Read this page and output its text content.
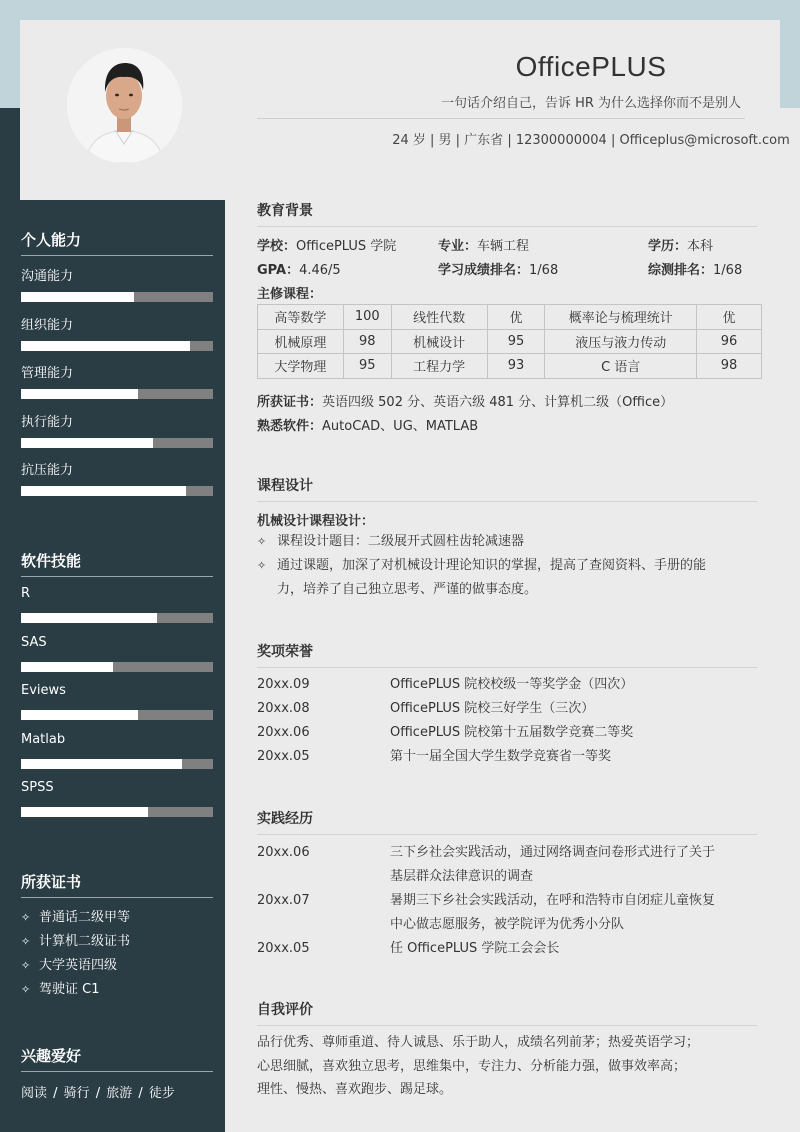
OfficePLUS
一句话介绍自己，告诉 HR 为什么选择你而不是别人
24 岁 | 男 | 广东省 | 12300000004 | Officeplus@microsoft.com
个人能力
沟通能力
组织能力
管理能力
执行能力
抗压能力
软件技能
R
SAS
Eviews
Matlab
SPSS
所获证书
✧ 普通话二级甲等
✧ 计算机二级证书
✧ 大学英语四级
✧ 驾驶证 C1
兴趣爱好
阅读 / 骑行 / 旅游 / 徒步
教育背景
学校：OfficePLUS 学院	专业：车辆工程	学历：本科
GPA：4.46/5	学习成绩排名：1/68	综测排名：1/68
主修课程：
高等数学	100	线性代数	优	概率论与梳理统计	优
机械原理	98	机械设计	95	液压与液力传动	96
大学物理	95	工程力学	93	C 语言	98
所获证书：英语四级 502 分、英语六级 481 分、计算机二级（Office）
熟悉软件：AutoCAD、UG、MATLAB
课程设计
机械设计课程设计：
✧ 课程设计题目：二级展开式圆柱齿轮减速器
✧ 通过课题，加深了对机械设计理论知识的掌握，提高了查阅资料、手册的能
力，培养了自己独立思考、严谨的做事态度。
奖项荣誉
20xx.09	OfficePLUS 院校校级一等奖学金（四次）
20xx.08	OfficePLUS 院校三好学生（三次）
20xx.06	OfficePLUS 院校第十五届数学竞赛二等奖
20xx.05	第十一届全国大学生数学竞赛省一等奖
实践经历
20xx.06	三下乡社会实践活动，通过网络调查问卷形式进行了关于
基层群众法律意识的调查
20xx.07	暑期三下乡社会实践活动，在呼和浩特市自闭症儿童恢复
中心做志愿服务，被学院评为优秀小分队
20xx.05	任 OfficePLUS 学院工会会长
自我评价
品行优秀、尊师重道、待人诚恳、乐于助人，成绩名列前茅；热爱英语学习；
心思细腻，喜欢独立思考，思维集中，专注力、分析能力强，做事效率高；
理性、慢热、喜欢跑步、踢足球。
